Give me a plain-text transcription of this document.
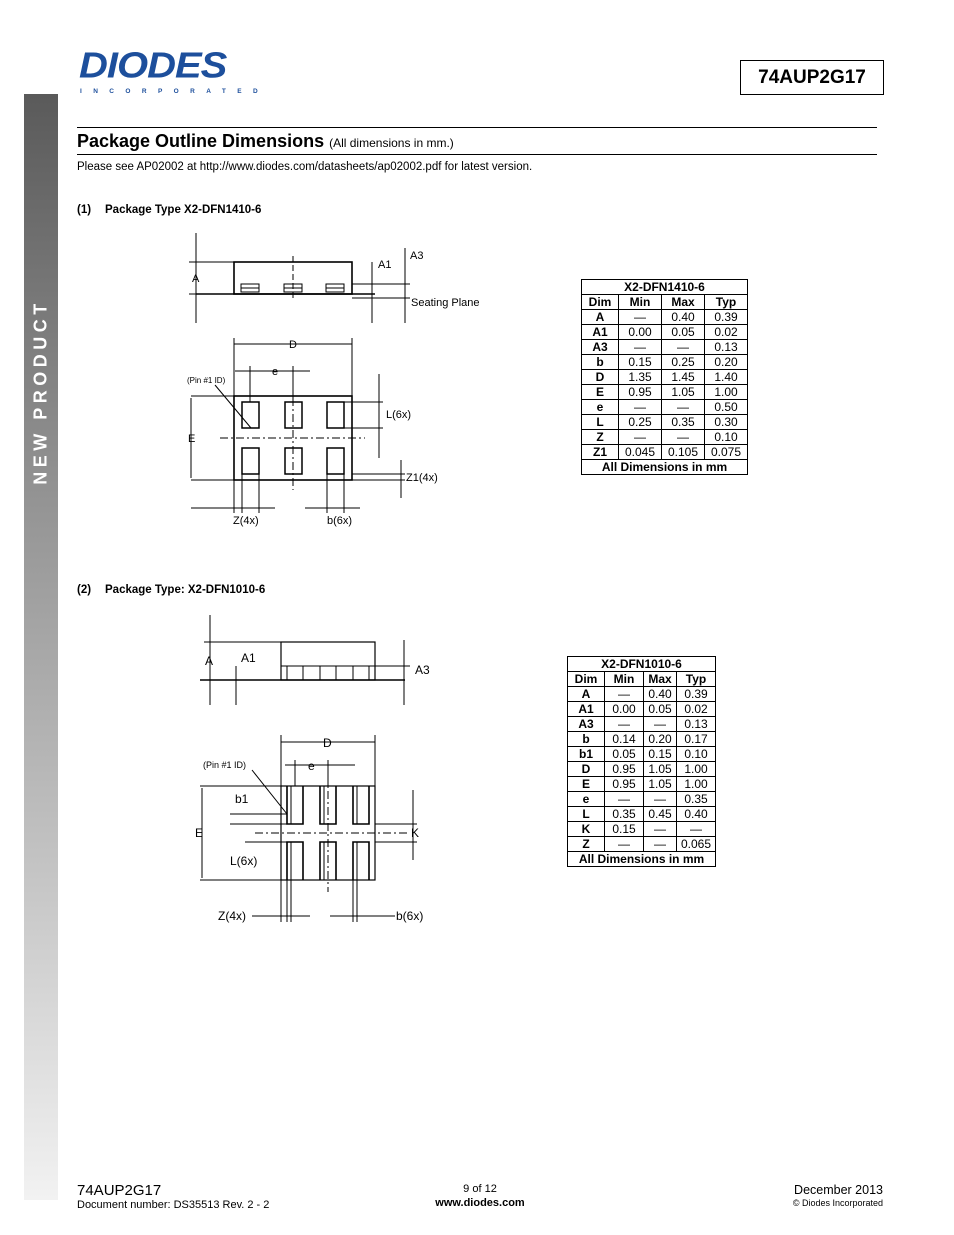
NEW PRODUCT
DIODES
INCORPORATED
74AUP2G17
Package Outline Dimensions (All dimensions in mm.)
Please see AP02002 at http://www.diodes.com/datasheets/ap02002.pdf for latest version.
(1) Package Type X2-DFN1410-6
A
A1
A3
Seating Plane
D
e
(Pin #1 ID)
E
L(6x)
Z1(4x)
Z(4x)	b(6x)
X2-DFN1410-6			
Dim	Min	Max	Typ
A	—	0.40	0.39
A1	0.00	0.05	0.02
A3	—	—	0.13
b	0.15	0.25	0.20
D	1.35	1.45	1.40
E	0.95	1.05	1.00
e	—	—	0.50
L	0.25	0.35	0.30
Z	—	—	0.10
Z1	0.045	0.105	0.075
All Dimensions in mm			
(2) Package Type: X2-DFN1010-6
A A1
A3
D
(Pin #1 ID)	e
b1
E	K
L(6x)
Z(4x)	b(6x)
X2-DFN1010-6			
Dim	Min	Max	Typ
A	—	0.40	0.39
A1	0.00	0.05	0.02
A3	—	—	0.13
b	0.14	0.20	0.17
b1	0.05	0.15	0.10
D	0.95	1.05	1.00
E	0.95	1.05	1.00
e	—	—	0.35
L	0.35	0.45	0.40
K	0.15	—	—
Z	—	—	0.065
All Dimensions in mm			
74AUP2G17
Document number: DS35513 Rev. 2 - 2
9 of 12
www.diodes.com
December 2013
© Diodes Incorporated
